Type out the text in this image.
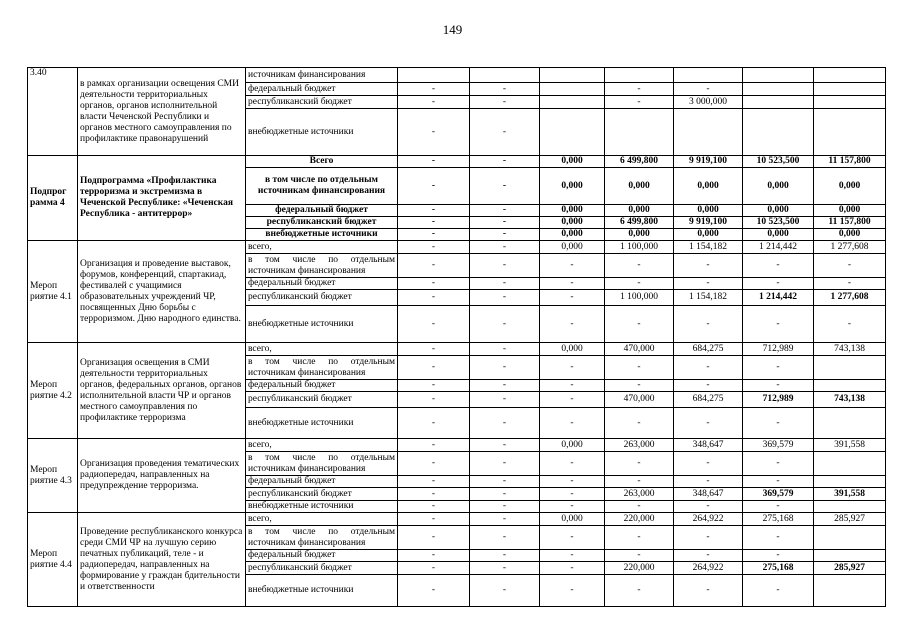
149
3.40	в рамках организации освещения СМИ деятельности территориальных органов, органов исполнительной власти Чеченской Республики и органов местного самоуправления по профилактике правонарушений	источникам финансирования							
		федеральный бюджет	-	-		-	-		
		республиканский бюджет	-	-		-	3 000,000		
		внебюджетные источники	-	-					
Подпрог рамма 4	Подпрограмма «Профилактика терроризма и экстремизма в Чеченской Республике: «Чеченская Республика - антитеррор»	Всего	-	-	0,000	6 499,800	9 919,100	10 523,500	11 157,800
		в том числе по отдельным источникам финансирования	-	-	0,000	0,000	0,000	0,000	0,000
		федеральный бюджет	-	-	0,000	0,000	0,000	0,000	0,000
		республиканский бюджет	-	-	0,000	6 499,800	9 919,100	10 523,500	11 157,800
		внебюджетные источники	-	-	0,000	0,000	0,000	0,000	0,000
Мероп риятие 4.1	Организация и проведение выставок, форумов, конференций, спартакиад, фестивалей с учащимися образовательных учреждений ЧР, посвященных Дню борьбы с терроризмом. Дню народного единства.	всего,	-	-	0,000	1 100,000	1 154,182	1 214,442	1 277,608
		в том числе по отдельным источникам финансирования	-	-	-	-	-	-	-
		федеральный бюджет	-	-	-	-	-	-	-
		республиканский бюджет	-	-	-	1 100,000	1 154,182	1 214,442	1 277,608
		внебюджетные источники	-	-	-	-	-	-	-
Мероп риятие 4.2	Организация освещения в СМИ деятельности территориальных органов, федеральных органов, органов исполнительной власти ЧР и органов местного самоуправления по профилактике терроризма	всего,	-	-	0,000	470,000	684,275	712,989	743,138
		в том числе по отдельным источникам финансирования	-	-	-	-	-	-	
		федеральный бюджет	-	-	-	-	-	-	
		республиканский бюджет	-	-	-	470,000	684,275	712,989	743,138
		внебюджетные источники	-	-	-	-	-	-	
Мероп риятие 4.3	Организация проведения тематических радиопередач, направленных на предупреждение терроризма.	всего,	-	-	0,000	263,000	348,647	369,579	391,558
		в том числе по отдельным источникам финансирования	-	-	-	-	-	-	
		федеральный бюджет	-	-	-	-	-	-	
		республиканский бюджет	-	-	-	263,000	348,647	369,579	391,558
		внебюджетные источники	-	-	-	-	-	-	
Мероп риятие 4.4	Проведение республиканского конкурса среди СМИ ЧР на лучшую серию печатных публикаций, теле - и радиопередач, направленных на формирование у граждан бдительности и ответственности	всего,	-	-	0,000	220,000	264,922	275,168	285,927
		в том числе по отдельным источникам финансирования	-	-	-	-	-	-	
		федеральный бюджет	-	-	-	-	-	-	
		республиканский бюджет	-	-	-	220,000	264,922	275,168	285,927
		внебюджетные источники	-	-	-	-	-	-	
